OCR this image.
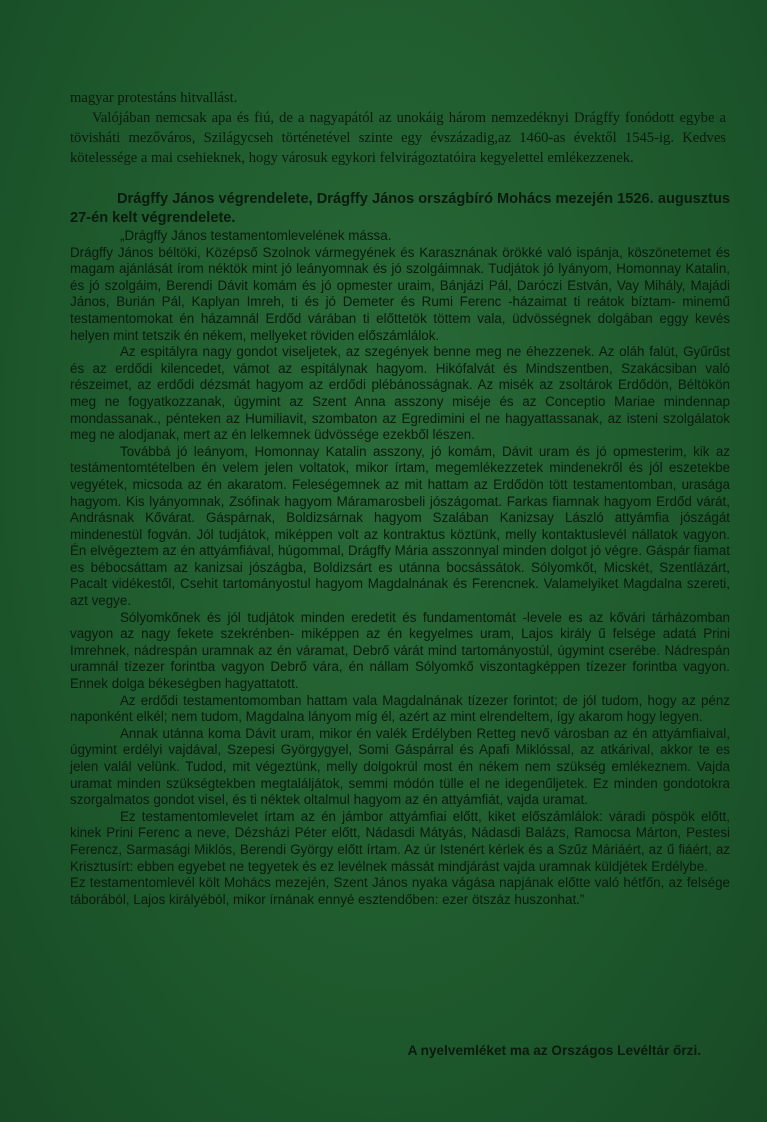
magyar protestáns hitvallást.

Valójában nemcsak apa és fiú, de a nagyapától az unokáig három nemzedéknyi Drágffy fonódott egybe a tövisháti mezőváros, Szilágycseh történetével szinte egy évszázadig,az 1460-as évektől 1545-ig. Kedves kötelessége a mai csehieknek, hogy városuk egykori felvirágoztatóira kegyelettel emlékezzenek.

Drágffy János végrendelete, Drágffy János országbíró Mohács mezején 1526. augusztus 27-én kelt végrendelete.

„Drágffy János testamentomlevelének mássa.

Drágffy János béltöki, Középső Szolnok vármegyének és Karasznának örökké való ispánja, köszönetemet és magam ajánlását írom néktök mint jó leányomnak és jó szolgáimnak. Tudjátok jó lyányom, Homonnay Katalin, és jó szolgáim, Berendi Dávit komám és jó opmester uraim, Bánjázi Pál, Daróczi Estván, Vay Mihály, Majádi János, Burián Pál, Kaplyan Imreh, ti és jó Demeter és Rumi Ferenc -házaimat ti reátok bíztam- minemű testamentomokat én házamnál Erdőd várában ti előttetök töttem vala, üdvösségnek dolgában eggy kevés helyen mint tetszik én nékem, mellyeket röviden előszámlálok.

Az espitályra nagy gondot viseljetek, az szegények benne meg ne éhezzenek. Az oláh falút, Gyűrűst és az erdődi kilencedet, vámot az espitálynak hagyom. Hikófalvát és Mindszentben, Szakácsiban való részeimet, az erdődi dézsmát hagyom az erdődi plébánosságnak. Az misék az zsoltárok Erdődön, Béltökön meg ne fogyatkozzanak, úgymint az Szent Anna asszony miséje és az Conceptio Mariae mindennap mondassanak., pénteken az Humiliavit, szombaton az Egredimini el ne hagyattassanak, az isteni szolgálatok meg ne alodjanak, mert az én lelkemnek üdvössége ezekből lészen.

Továbbá jó leányom, Homonnay Katalin asszony, jó komám, Dávit uram és jó opmesterim, kik az testámentomtételben én velem jelen voltatok, mikor írtam, megemlékezzetek mindenekről és jól eszetekbe vegyétek, micsoda az én akaratom. Feleségemnek az mit hattam az Erdődön tött testamentomban, urasága hagyom. Kis lyányomnak, Zsófinak hagyom Máramarosbeli jószágomat. Farkas fiamnak hagyom Erdőd várát, Andrásnak Kővárat. Gáspárnak, Boldizsárnak hagyom Szalában Kanizsay László attyámfia jószágát mindenestül fogván. Jól tudjátok, miképpen volt az kontraktus köztünk, melly kontaktuslevél nállatok vagyon. Én elvégeztem az én attyámfiával, húgommal, Drágffy Mária asszonnyal minden dolgot jó végre. Gáspár fiamat es bébocsáttam az kanizsai jószágba, Boldizsárt es utánna bocsássátok. Sólyomkőt, Micskét, Szentlázárt, Pacalt vidékestől, Csehit tartományostul hagyom Magdalnának és Ferencnek. Valamelyiket Magdalna szereti, azt vegye.

Sólyomkőnek és jól tudjátok minden eredetit és fundamentomát -levele es az kővári tárházomban vagyon az nagy fekete szekrénben- miképpen az én kegyelmes uram, Lajos király ű felsége adatá Prini Imrehnek, nádrespán uramnak az én váramat, Debrő várát mind tartományostúl, úgymint cserébe. Nádrespán uramnál tízezer forintba vagyon Debrő vára, én nállam Sólyomkő viszontagképpen tízezer forintba vagyon. Ennek dolga békeségben hagyattatott.

Az erdődi testamentomomban hattam vala Magdalnának tízezer forintot; de jól tudom, hogy az pénz naponként elkél; nem tudom, Magdalna lányom míg él, azért az mint elrendeltem, így akarom hogy legyen.

Annak utánna koma Dávit uram, mikor én valék Erdélyben Retteg nevő városban az én attyámfiaival, úgymint erdélyi vajdával, Szepesi Györgygyel, Somi Gáspárral és Apafi Miklóssal, az atkárival, akkor te es jelen valál velünk. Tudod, mit végeztünk, melly dolgokrúl most én nékem nem szükség emlékeznem. Vajda uramat minden szükségtekben megtaláljátok, semmi módón tülle el ne idegenűljetek. Ez minden gondotokra szorgalmatos gondot visel, és ti néktek oltalmul hagyom az én attyámfiát, vajda uramat.

Ez testamentomlevelet írtam az én jámbor attyámfiai előtt, kiket előszámlálok: váradi pöspök előtt, kinek Prini Ferenc a neve, Dézsházi Péter előtt, Nádasdi Mátyás, Nádasdi Balázs, Ramocsa Márton, Pestesi Ferencz, Sarmasági Miklós, Berendi György előtt írtam. Az úr Istenért kérlek és a Szűz Máriáért, az ű fiáért, az Krisztusírt: ebben egyebet ne tegyetek és ez levélnek mássát mindjárást vajda uramnak küldjétek Erdélybe.

Ez testamentomlevél költ Mohács mezején, Szent János nyaka vágása napjának előtte való hétfőn, az felsége táborából, Lajos királyéból, mikor írnának ennyé esztendőben: ezer ötszáz huszonhat.”

A nyelvemléket ma az Országos Levéltár őrzi.
